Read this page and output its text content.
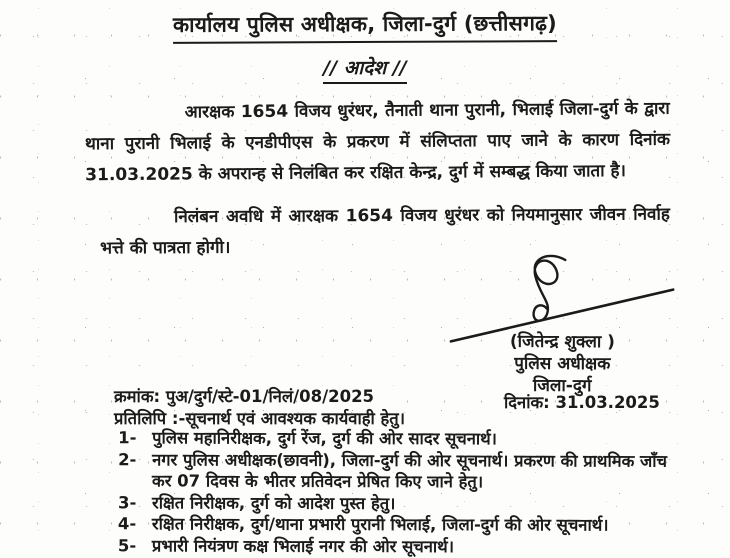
कार्यालय पुलिस अधीक्षक, जिला-दुर्ग (छत्तीसगढ़)
// आदेश //
आरक्षक 1654 विजय धुरंधर, तैनाती थाना पुरानी, भिलाई जिला-दुर्ग के द्वारा थाना पुरानी भिलाई के एनडीपीएस के प्रकरण में संलिप्तता पाए जाने के कारण दिनांक 31.03.2025 के अपरान्ह से निलंबित कर रक्षित केन्द्र, दुर्ग में सम्बद्ध किया जाता है।
निलंबन अवधि में आरक्षक 1654 विजय धुरंधर को नियमानुसार जीवन निर्वाह भत्ते की पात्रता होगी।
(जितेन्द्र शुक्ला )
पुलिस अधीक्षक
जिला-दुर्ग
क्रमांक: पुअ/दुर्ग/स्टे-01/निलं/08/2025	दिनांक: 31.03.2025
प्रतिलिपि :-सूचनार्थ एवं आवश्यक कार्यवाही हेतु।
1- पुलिस महानिरीक्षक, दुर्ग रेंज, दुर्ग की ओर सादर सूचनार्थ।
2- नगर पुलिस अधीक्षक(छावनी), जिला-दुर्ग की ओर सूचनार्थ। प्रकरण की प्राथमिक जाँच कर 07 दिवस के भीतर प्रतिवेदन प्रेषित किए जाने हेतु।
3- रक्षित निरीक्षक, दुर्ग को आदेश पुस्त हेतु।
4- रक्षित निरीक्षक, दुर्ग/थाना प्रभारी पुरानी भिलाई, जिला-दुर्ग की ओर सूचनार्थ।
5- प्रभारी नियंत्रण कक्ष भिलाई नगर की ओर सूचनार्थ।
